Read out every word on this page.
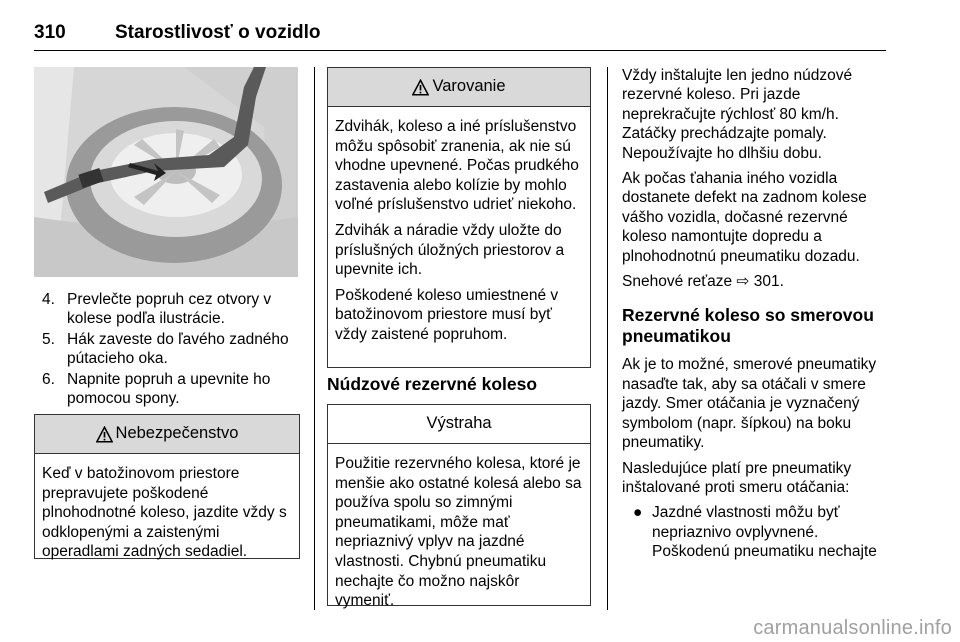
310	Starostlivosť o vozidlo
4. Prevlečte popruh cez otvory v kolese podľa ilustrácie.
5. Hák zaveste do ľavého zadného pútacieho oka.
6. Napnite popruh a upevnite ho pomocou spony.
Nebezpečenstvo

Keď v batožinovom priestore prepravujete poškodené plnohodnotné koleso, jazdite vždy s odklopenými a zaistenými operadlami zadných sedadiel.

Varovanie

Zdvihák, koleso a iné príslušenstvo môžu spôsobiť zranenia, ak nie sú vhodne upevnené. Počas prudkého zastavenia alebo kolízie by mohlo voľné príslušenstvo udrieť niekoho.

Zdvihák a náradie vždy uložte do príslušných úložných priestorov a upevnite ich.

Poškodené koleso umiestnené v batožinovom priestore musí byť vždy zaistené popruhom.

Núdzové rezervné koleso
Výstraha

Použitie rezervného kolesa, ktoré je menšie ako ostatné kolesá alebo sa používa spolu so zimnými pneumatikami, môže mať nepriaznivý vplyv na jazdné vlastnosti. Chybnú pneumatiku nechajte čo možno najskôr vymeniť.

Vždy inštalujte len jedno núdzové rezervné koleso. Pri jazde neprekračujte rýchlosť 80 km/h. Zatáčky prechádzajte pomaly. Nepoužívajte ho dlhšiu dobu.

Ak počas ťahania iného vozidla dostanete defekt na zadnom kolese vášho vozidla, dočasné rezervné koleso namontujte dopredu a plnohodnotnú pneumatiku dozadu.

Snehové reťaze ⇨ 301.

Rezervné koleso so smerovou pneumatikou

Ak je to možné, smerové pneumatiky nasaďte tak, aby sa otáčali v smere jazdy. Smer otáčania je vyznačený symbolom (napr. šípkou) na boku pneumatiky.

Nasledujúce platí pre pneumatiky inštalované proti smeru otáčania:

● Jazdné vlastnosti môžu byť nepriaznivo ovplyvnené. Poškodenú pneumatiku nechajte
carmanualsonline.info
